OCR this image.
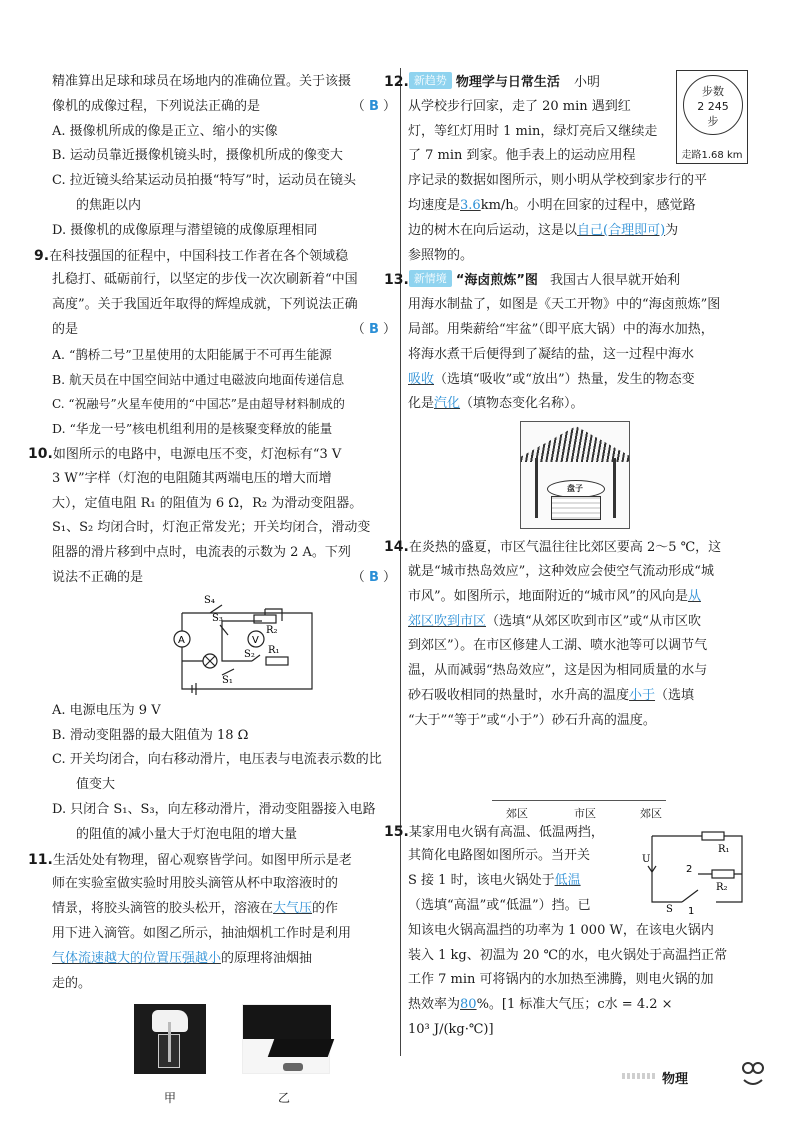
精准算出足球和球员在场地内的准确位置。关于该摄
像机的成像过程，下列说法正确的是	（ B ）
A. 摄像机所成的像是正立、缩小的实像
B. 运动员靠近摄像机镜头时，摄像机所成的像变大
C. 拉近镜头给某运动员拍摄“特写”时，运动员在镜头
的焦距以内
D. 摄像机的成像原理与潜望镜的成像原理相同
9.在科技强国的征程中，中国科技工作者在各个领域稳
扎稳打、砥砺前行，以坚定的步伐一次次刷新着“中国
高度”。关于我国近年取得的辉煌成就，下列说法正确
的是	（ B ）
A. “鹊桥二号”卫星使用的太阳能属于不可再生能源
B. 航天员在中国空间站中通过电磁波向地面传递信息
C. “祝融号”火星车使用的“中国芯”是由超导材料制成的
D. “华龙一号”核电机组利用的是核聚变释放的能量
10.如图所示的电路中，电源电压不变，灯泡标有“3 V
3 W”字样（灯泡的电阻随其两端电压的增大而增
大），定值电阻 R₁ 的阻值为 6 Ω，R₂ 为滑动变阻器。
S₁、S₂ 均闭合时，灯泡正常发光；开关均闭合，滑动变
阻器的滑片移到中点时，电流表的示数为 2 A。下列
说法不正确的是	（ B ）
A	V
S₄
S₃
R₂
S₂ R₁
S₁
A. 电源电压为 9 V
B. 滑动变阻器的最大阻值为 18 Ω
C. 开关均闭合，向右移动滑片，电压表与电流表示数的比
值变大
D. 只闭合 S₁、S₃，向左移动滑片，滑动变阻器接入电路
的阻值的减小量大于灯泡电阻的增大量
11.生活处处有物理，留心观察皆学问。如图甲所示是老
师在实验室做实验时用胶头滴管从杯中取溶液时的
情景，将胶头滴管的胶头松开，溶液在大气压的作
用下进入滴管。如图乙所示，抽油烟机工作时是利用
气体流速越大的位置压强越小的原理将油烟抽
走的。
甲	乙
12. 新趋势 物理学与日常生活 小明
从学校步行回家，走了 20 min 遇到红
灯，等红灯用时 1 min，绿灯亮后又继续走
了 7 min 到家。他手表上的运动应用程
序记录的数据如图所示，则小明从学校到家步行的平
均速度是3.6km/h。小明在回家的过程中，感觉路
边的树木在向后运动，这是以自己(合理即可)为
参照物的。
13. 新情境 “海卤煎炼”图 我国古人很早就开始利
用海水制盐了，如图是《天工开物》中的“海卤煎炼”图
局部。用柴薪给“牢盆”（即平底大锅）中的海水加热，
将海水煮干后便得到了凝结的盐，这一过程中海水
吸收（选填“吸收”或“放出”）热量，发生的物态变
化是汽化（填物态变化名称）。
盘子
14.在炎热的盛夏，市区气温往往比郊区要高 2～5 ℃，这
就是“城市热岛效应”，这种效应会使空气流动形成“城
市风”。如图所示，地面附近的“城市风”的风向是从
郊区吹到市区（选填“从郊区吹到市区”或“从市区吹
到郊区”）。在市区修建人工湖、喷水池等可以调节气
温，从而减弱“热岛效应”，这是因为相同质量的水与
砂石吸收相同的热量时，水升高的温度小于（选填
“大于”“等于”或“小于”）砂石升高的温度。
郊区	市区	郊区
15.某家用电火锅有高温、低温两挡，
其简化电路图如图所示。当开关
S 接 1 时，该电火锅处于低温
（选填“高温”或“低温”）挡。已
知该电火锅高温挡的功率为 1 000 W，在该电火锅内
装入 1 kg、初温为 20 ℃的水，电火锅处于高温挡正常
工作 7 min 可将锅内的水加热至沸腾，则电火锅的加
热效率为80%。[1 标准大气压；c水 = 4.2 ×
10³ J/(kg·℃)]
步数
2 245
步
走路1.68 km
R₁
R₂
U
S
2
1
物理
